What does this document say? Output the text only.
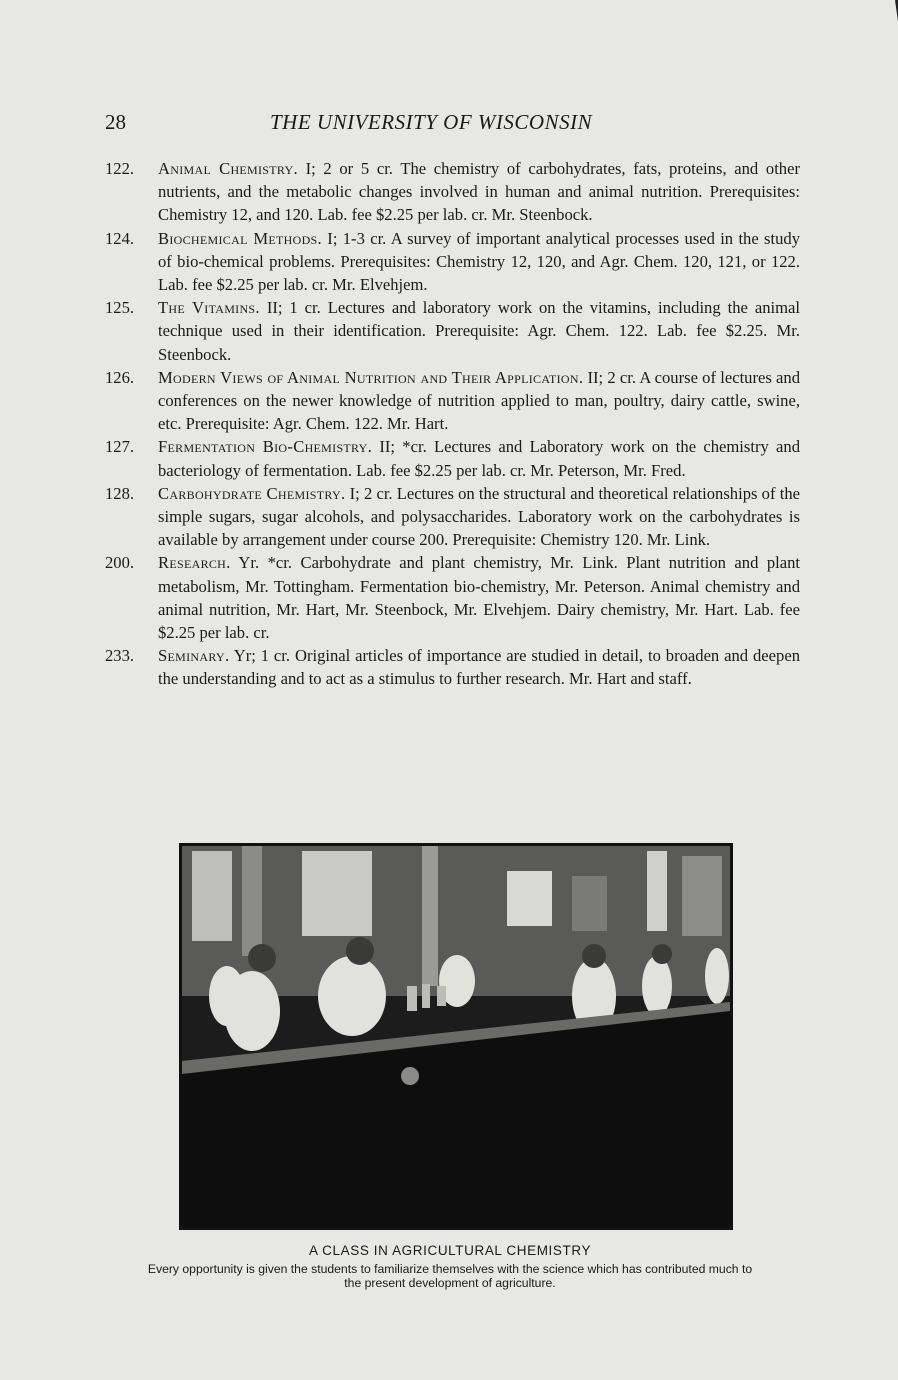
28	THE UNIVERSITY OF WISCONSIN
122.	Animal Chemistry. I; 2 or 5 cr. The chemistry of carbohydrates, fats, proteins, and other nutrients, and the metabolic changes involved in human and animal nutrition. Prerequisites: Chemistry 12, and 120. Lab. fee $2.25 per lab. cr. Mr. Steenbock.
124.	Biochemical Methods. I; 1-3 cr. A survey of important analytical processes used in the study of bio-chemical problems. Prerequisites: Chemistry 12, 120, and Agr. Chem. 120, 121, or 122. Lab. fee $2.25 per lab. cr. Mr. Elvehjem.
125.	The Vitamins. II; 1 cr. Lectures and laboratory work on the vitamins, including the animal technique used in their identification. Prerequisite: Agr. Chem. 122. Lab. fee $2.25. Mr. Steenbock.
126.	Modern Views of Animal Nutrition and Their Application. II; 2 cr. A course of lectures and conferences on the newer knowledge of nutrition applied to man, poultry, dairy cattle, swine, etc. Prerequisite: Agr. Chem. 122. Mr. Hart.
127.	Fermentation Bio-Chemistry. II; *cr. Lectures and Laboratory work on the chemistry and bacteriology of fermentation. Lab. fee $2.25 per lab. cr. Mr. Peterson, Mr. Fred.
128.	Carbohydrate Chemistry. I; 2 cr. Lectures on the structural and theoretical relationships of the simple sugars, sugar alcohols, and polysaccharides. Laboratory work on the carbohydrates is available by arrangement under course 200. Prerequisite: Chemistry 120. Mr. Link.
200.	Research. Yr. *cr. Carbohydrate and plant chemistry, Mr. Link. Plant nutrition and plant metabolism, Mr. Tottingham. Fermentation bio-chemistry, Mr. Peterson. Animal chemistry and animal nutrition, Mr. Hart, Mr. Steenbock, Mr. Elvehjem. Dairy chemistry, Mr. Hart. Lab. fee $2.25 per lab. cr.
233.	Seminary. Yr; 1 cr. Original articles of importance are studied in detail, to broaden and deepen the understanding and to act as a stimulus to further research. Mr. Hart and staff.
A CLASS IN AGRICULTURAL CHEMISTRY
Every opportunity is given the students to familiarize themselves with the science which has contributed much to the present development of agriculture.
